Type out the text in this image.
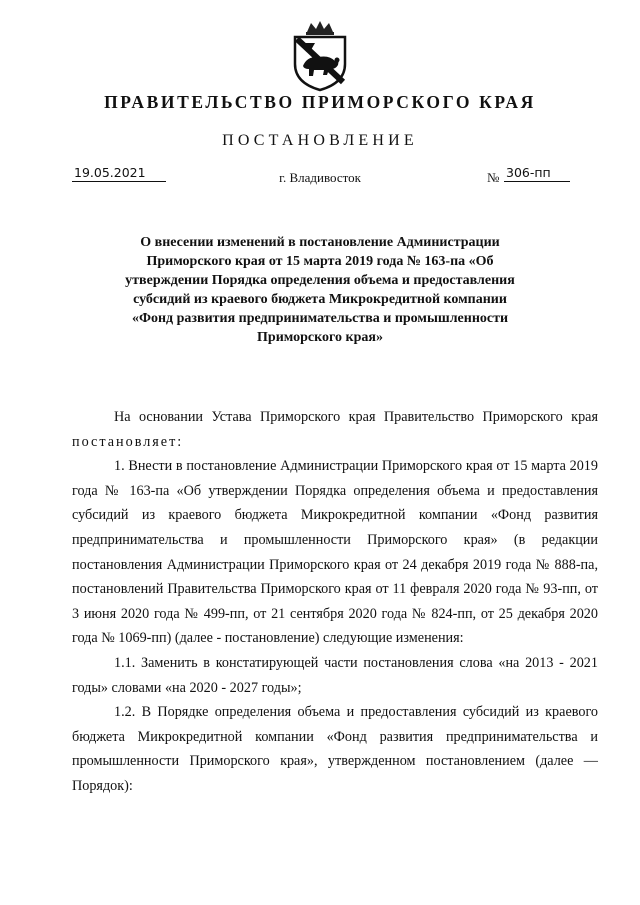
ПРАВИТЕЛЬСТВО ПРИМОРСКОГО КРАЯ
ПОСТАНОВЛЕНИЕ
19.05.2021	г. Владивосток	№ 306-пп
О внесении изменений в постановление Администрации Приморского края от 15 марта 2019 года № 163-па «Об утверждении Порядка определения объема и предоставления субсидий из краевого бюджета Микрокредитной компании «Фонд развития предпринимательства и промышленности Приморского края»

На основании Устава Приморского края Правительство Приморского края постановляет:

1. Внести в постановление Администрации Приморского края от 15 марта 2019 года № 163-па «Об утверждении Порядка определения объема и предоставления субсидий из краевого бюджета Микрокредитной компании «Фонд развития предпринимательства и промышленности Приморского края» (в редакции постановления Администрации Приморского края от 24 декабря 2019 года № 888-па, постановлений Правительства Приморского края от 11 февраля 2020 года № 93-пп, от 3 июня 2020 года № 499-пп, от 21 сентября 2020 года № 824-пп, от 25 декабря 2020 года № 1069-пп) (далее - постановление) следующие изменения:

1.1. Заменить в констатирующей части постановления слова «на 2013 - 2021 годы» словами «на 2020 - 2027 годы»;

1.2. В Порядке определения объема и предоставления субсидий из краевого бюджета Микрокредитной компании «Фонд развития предпринимательства и промышленности Приморского края», утвержденном постановлением (далее — Порядок):
